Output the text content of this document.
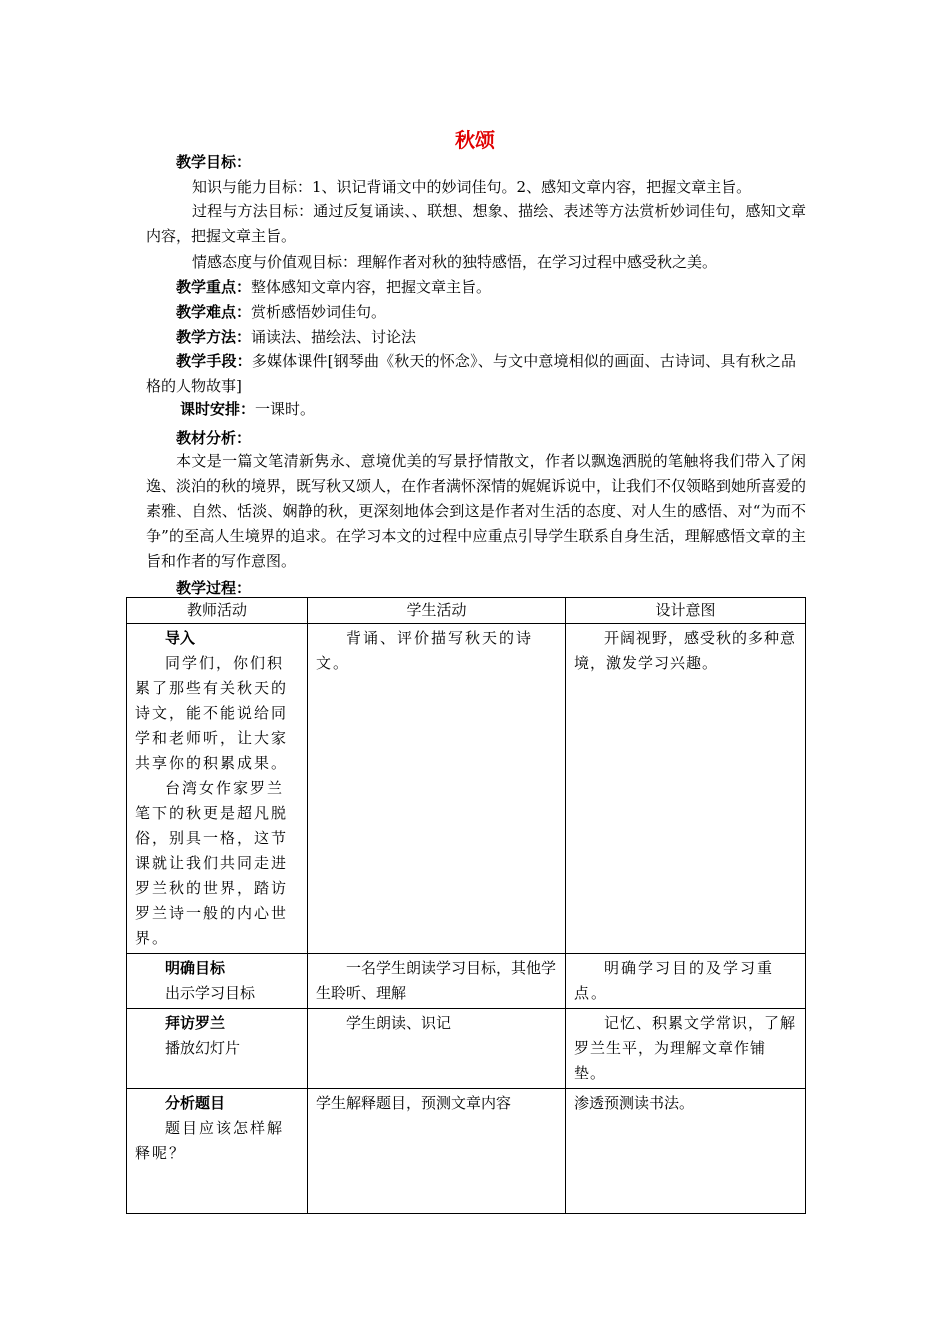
秋颂
教学目标：
知识与能力目标：1、识记背诵文中的妙词佳句。2、感知文章内容，把握文章主旨。
过程与方法目标：通过反复诵读、、联想、想象、描绘、表述等方法赏析妙词佳句，感知文章内容，把握文章主旨。
情感态度与价值观目标：理解作者对秋的独特感悟，在学习过程中感受秋之美。
教学重点：整体感知文章内容，把握文章主旨。
教学难点：赏析感悟妙词佳句。
教学方法：诵读法、描绘法、讨论法
教学手段：多媒体课件[钢琴曲《秋天的怀念》、与文中意境相似的画面、古诗词、具有秋之品格的人物故事]
课时安排：一课时。
教材分析：
本文是一篇文笔清新隽永、意境优美的写景抒情散文，作者以飘逸洒脱的笔触将我们带入了闲逸、淡泊的秋的境界，既写秋又颂人，在作者满怀深情的娓娓诉说中，让我们不仅领略到她所喜爱的素雅、自然、恬淡、娴静的秋，更深刻地体会到这是作者对生活的态度、对人生的感悟、对“为而不争”的至高人生境界的追求。在学习本文的过程中应重点引导学生联系自身生活，理解感悟文章的主旨和作者的写作意图。
教学过程：
教师活动	学生活动	设计意图

导入
同学们，你们积累了那些有关秋天的诗文，能不能说给同学和老师听，让大家共享你的积累成果。
台湾女作家罗兰笔下的秋更是超凡脱俗，别具一格，这节课就让我们共同走进罗兰秋的世界，踏访罗兰诗一般的内心世界。	背诵、评价描写秋天的诗文。	开阔视野，感受秋的多种意境，激发学习兴趣。

明确目标
出示学习目标	一名学生朗读学习目标，其他学生聆听、理解	明确学习目的及学习重点。

拜访罗兰
播放幻灯片	学生朗读、识记	记忆、积累文学常识，了解罗兰生平，为理解文章作铺垫。

分析题目
题目应该怎样解释呢？	学生解释题目，预测文章内容	渗透预测读书法。
